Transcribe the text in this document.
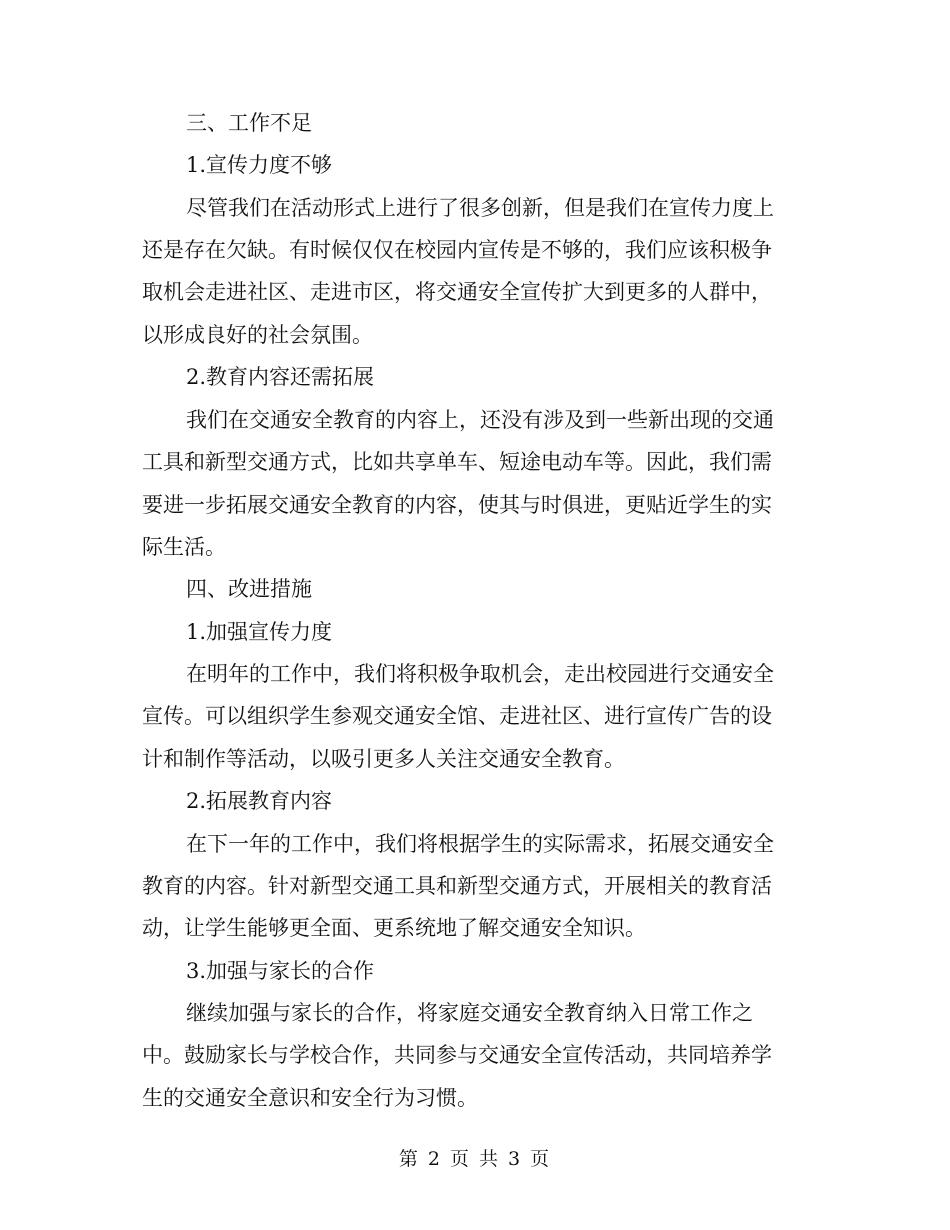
三、工作不足
1.宣传力度不够
尽管我们在活动形式上进行了很多创新，但是我们在宣传力度上
还是存在欠缺。有时候仅仅在校园内宣传是不够的，我们应该积极争
取机会走进社区、走进市区，将交通安全宣传扩大到更多的人群中，
以形成良好的社会氛围。
2.教育内容还需拓展
我们在交通安全教育的内容上，还没有涉及到一些新出现的交通
工具和新型交通方式，比如共享单车、短途电动车等。因此，我们需
要进一步拓展交通安全教育的内容，使其与时俱进，更贴近学生的实
际生活。
四、改进措施
1.加强宣传力度
在明年的工作中，我们将积极争取机会，走出校园进行交通安全
宣传。可以组织学生参观交通安全馆、走进社区、进行宣传广告的设
计和制作等活动，以吸引更多人关注交通安全教育。
2.拓展教育内容
在下一年的工作中，我们将根据学生的实际需求，拓展交通安全
教育的内容。针对新型交通工具和新型交通方式，开展相关的教育活
动，让学生能够更全面、更系统地了解交通安全知识。
3.加强与家长的合作
继续加强与家长的合作，将家庭交通安全教育纳入日常工作之
中。鼓励家长与学校合作，共同参与交通安全宣传活动，共同培养学
生的交通安全意识和安全行为习惯。
第 2 页 共 3 页
